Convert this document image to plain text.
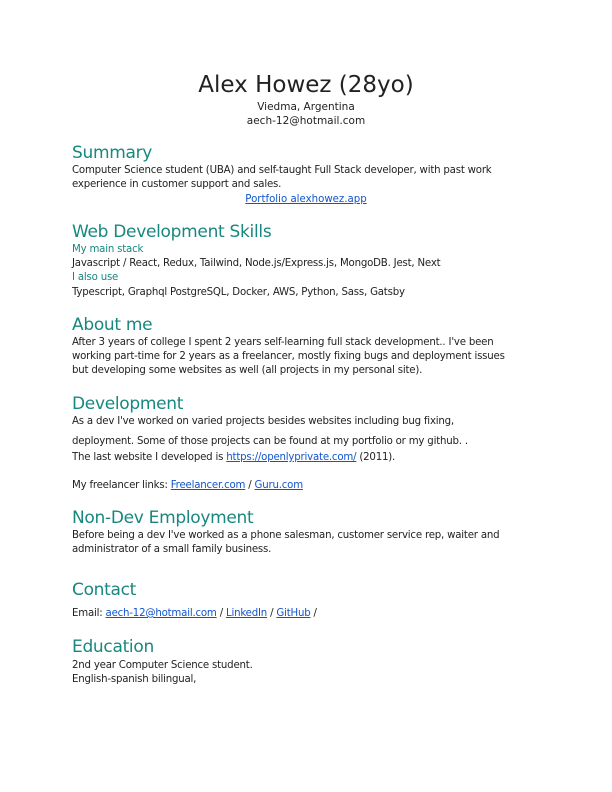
Alex Howez (28yo)
Viedma, Argentina
aech-12@hotmail.com
Summary
Computer Science student (UBA) and self-taught Full Stack developer, with past work
experience in customer support and sales.
Portfolio alexhowez.app
Web Development Skills
My main stack
Javascript / React, Redux, Tailwind, Node.js/Express.js, MongoDB. Jest, Next
I also use
Typescript, Graphql PostgreSQL, Docker, AWS, Python, Sass, Gatsby
About me
After 3 years of college I spent 2 years self-learning full stack development.. I've been
working part-time for 2 years as a freelancer, mostly fixing bugs and deployment issues
but developing some websites as well (all projects in my personal site).
Development
As a dev I've worked on varied projects besides websites including bug fixing,
deployment. Some of those projects can be found at my portfolio or my github. .
The last website I developed is https://openlyprivate.com/ (2011).
My freelancer links: Freelancer.com / Guru.com
Non-Dev Employment
Before being a dev I've worked as a phone salesman, customer service rep, waiter and
administrator of a small family business.
Contact
Email: aech-12@hotmail.com / LinkedIn / GitHub /
Education
2nd year Computer Science student.
English-spanish bilingual,
